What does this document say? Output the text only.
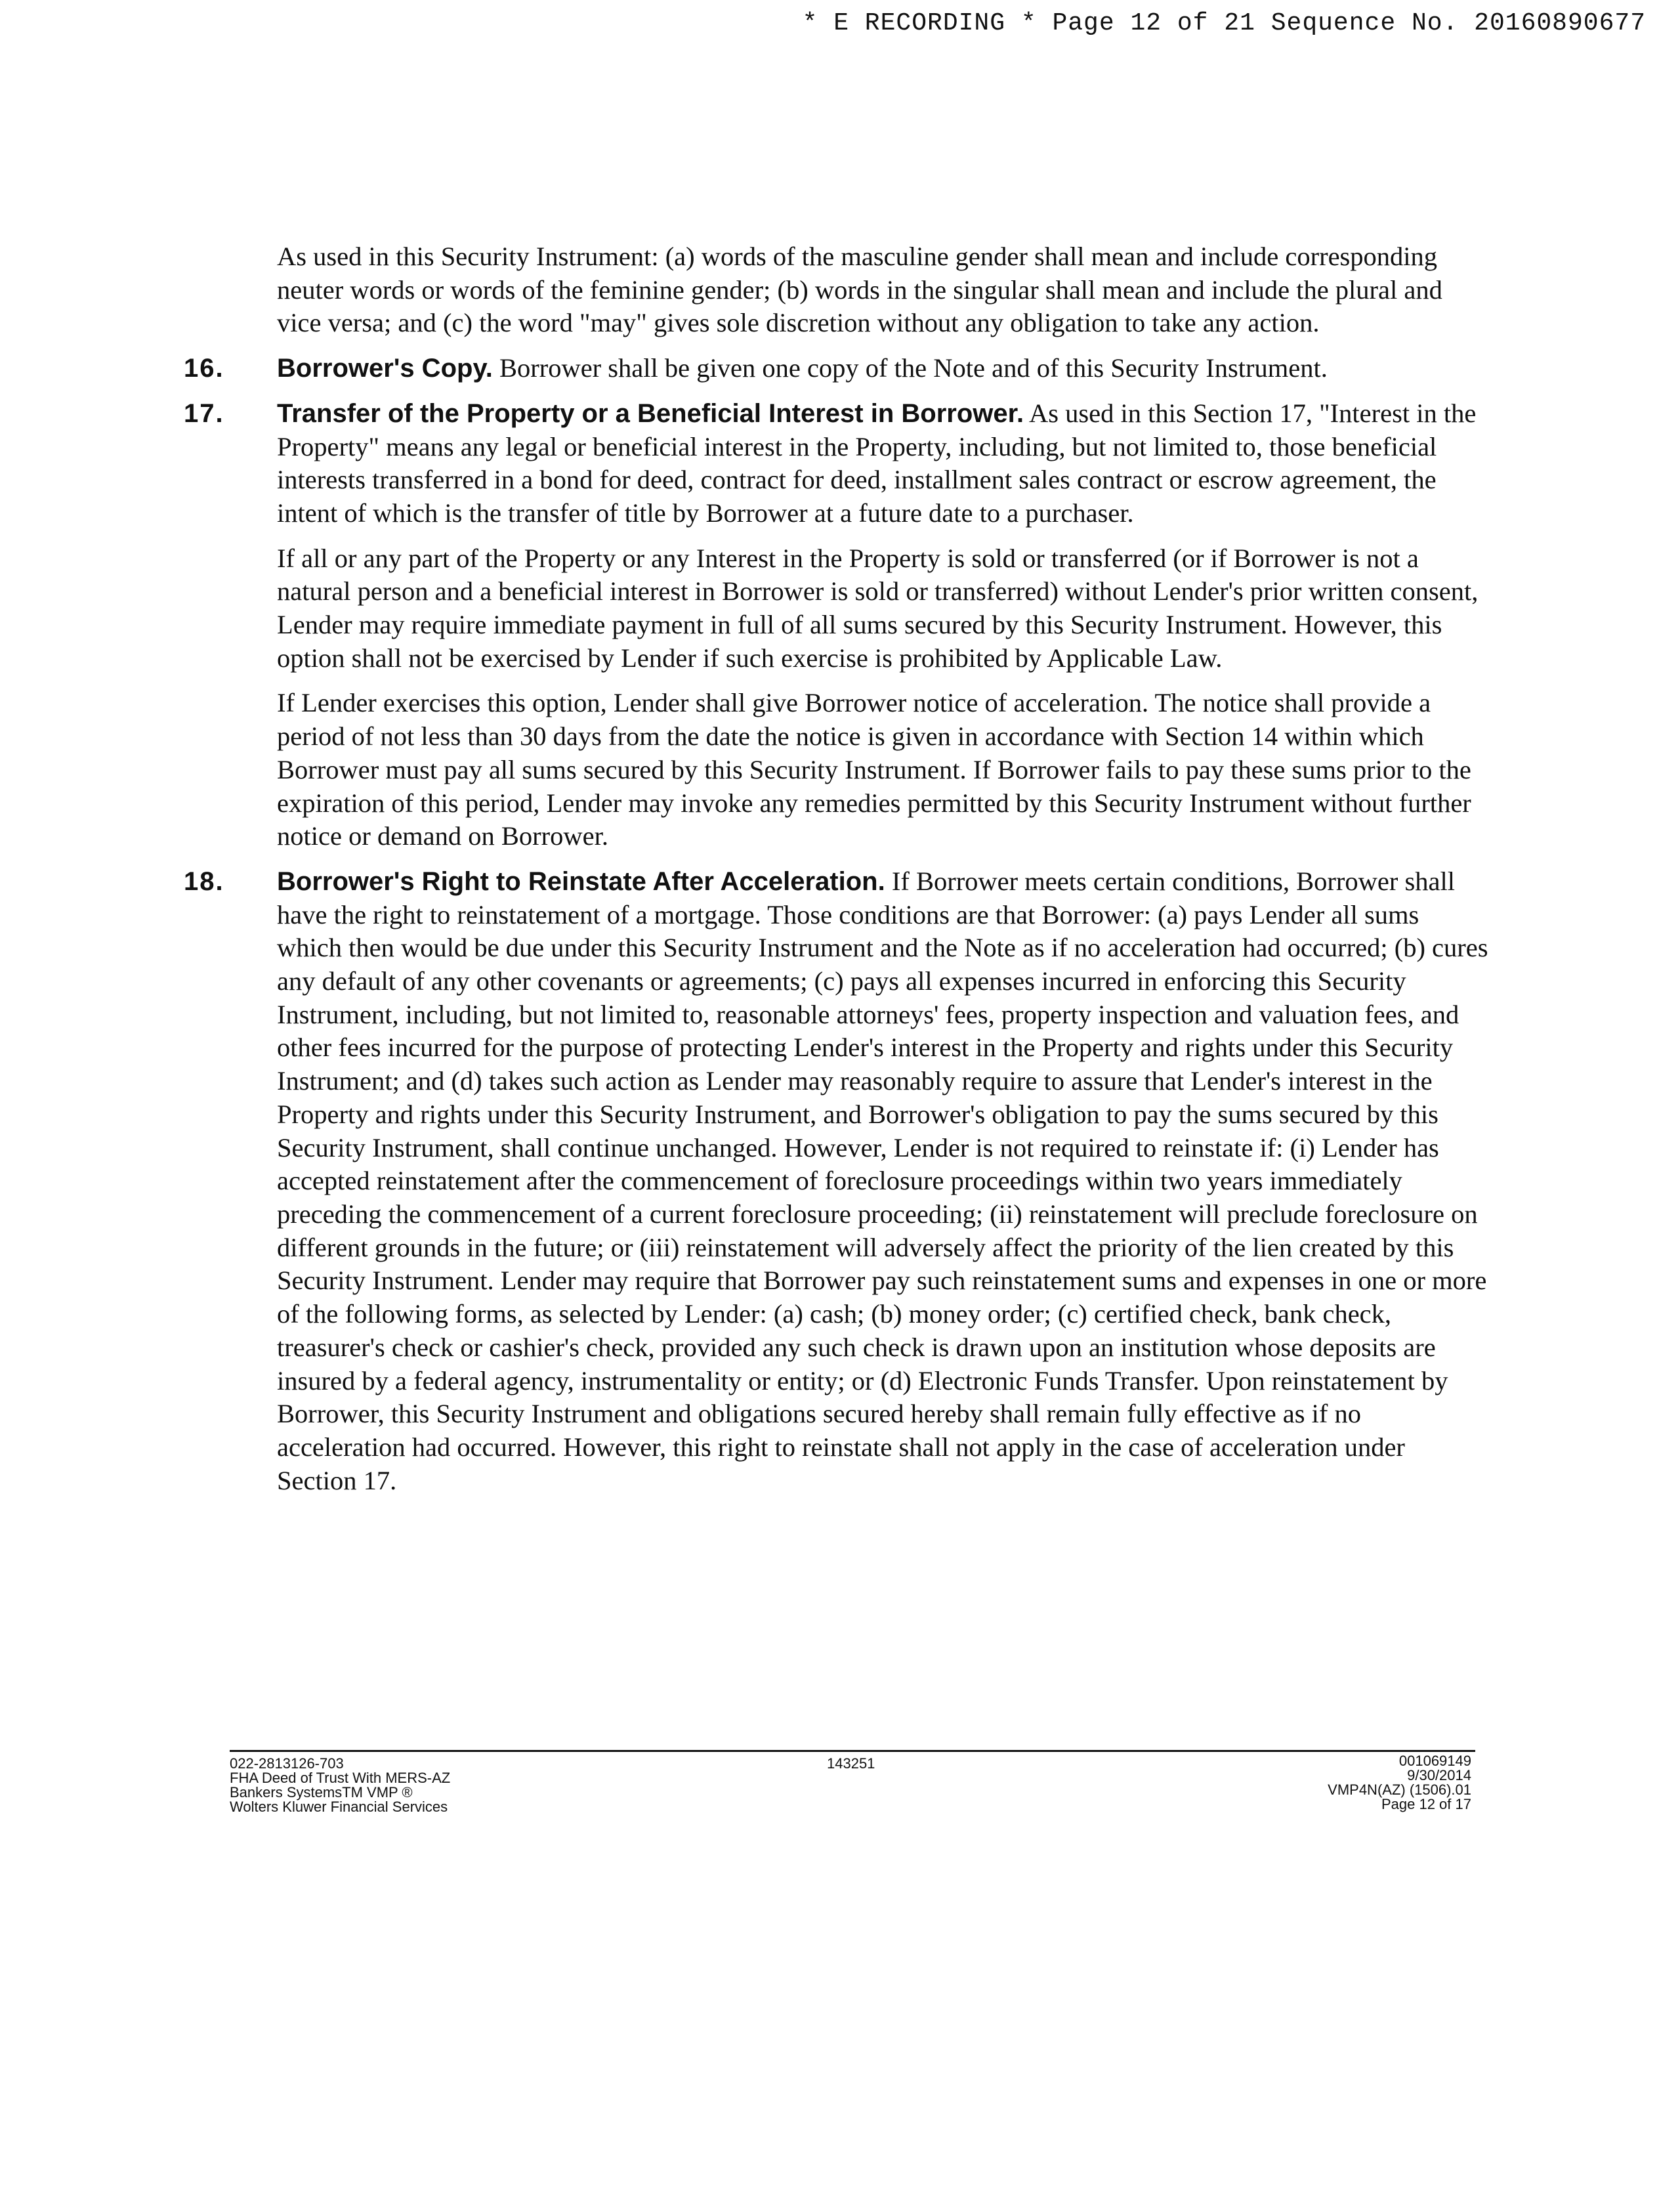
* E RECORDING * Page 12 of 21 Sequence No. 20160890677

As used in this Security Instrument: (a) words of the masculine gender shall mean and include corresponding neuter words or words of the feminine gender; (b) words in the singular shall mean and include the plural and vice versa; and (c) the word "may" gives sole discretion without any obligation to take any action.

16. Borrower's Copy. Borrower shall be given one copy of the Note and of this Security Instrument.
17. Transfer of the Property or a Beneficial Interest in Borrower. As used in this Section 17, "Interest in the Property" means any legal or beneficial interest in the Property, including, but not limited to, those beneficial interests transferred in a bond for deed, contract for deed, installment sales contract or escrow agreement, the intent of which is the transfer of title by Borrower at a future date to a purchaser.

If all or any part of the Property or any Interest in the Property is sold or transferred (or if Borrower is not a natural person and a beneficial interest in Borrower is sold or transferred) without Lender's prior written consent, Lender may require immediate payment in full of all sums secured by this Security Instrument. However, this option shall not be exercised by Lender if such exercise is prohibited by Applicable Law.

If Lender exercises this option, Lender shall give Borrower notice of acceleration. The notice shall provide a period of not less than 30 days from the date the notice is given in accordance with Section 14 within which Borrower must pay all sums secured by this Security Instrument. If Borrower fails to pay these sums prior to the expiration of this period, Lender may invoke any remedies permitted by this Security Instrument without further notice or demand on Borrower.

18. Borrower's Right to Reinstate After Acceleration. If Borrower meets certain conditions, Borrower shall have the right to reinstatement of a mortgage. Those conditions are that Borrower: (a) pays Lender all sums which then would be due under this Security Instrument and the Note as if no acceleration had occurred; (b) cures any default of any other covenants or agreements; (c) pays all expenses incurred in enforcing this Security Instrument, including, but not limited to, reasonable attorneys' fees, property inspection and valuation fees, and other fees incurred for the purpose of protecting Lender's interest in the Property and rights under this Security Instrument; and (d) takes such action as Lender may reasonably require to assure that Lender's interest in the Property and rights under this Security Instrument, and Borrower's obligation to pay the sums secured by this Security Instrument, shall continue unchanged. However, Lender is not required to reinstate if: (i) Lender has accepted reinstatement after the commencement of foreclosure proceedings within two years immediately preceding the commencement of a current foreclosure proceeding; (ii) reinstatement will preclude foreclosure on different grounds in the future; or (iii) reinstatement will adversely affect the priority of the lien created by this Security Instrument. Lender may require that Borrower pay such reinstatement sums and expenses in one or more of the following forms, as selected by Lender: (a) cash; (b) money order; (c) certified check, bank check, treasurer's check or cashier's check, provided any such check is drawn upon an institution whose deposits are insured by a federal agency, instrumentality or entity; or (d) Electronic Funds Transfer. Upon reinstatement by Borrower, this Security Instrument and obligations secured hereby shall remain fully effective as if no acceleration had occurred. However, this right to reinstate shall not apply in the case of acceleration under Section 17.
022-2813126-703
FHA Deed of Trust With MERS-AZ
Bankers SystemsTM VMP ®
Wolters Kluwer Financial Services
143251	001069149
9/30/2014
VMP4N(AZ) (1506).01
Page 12 of 17
